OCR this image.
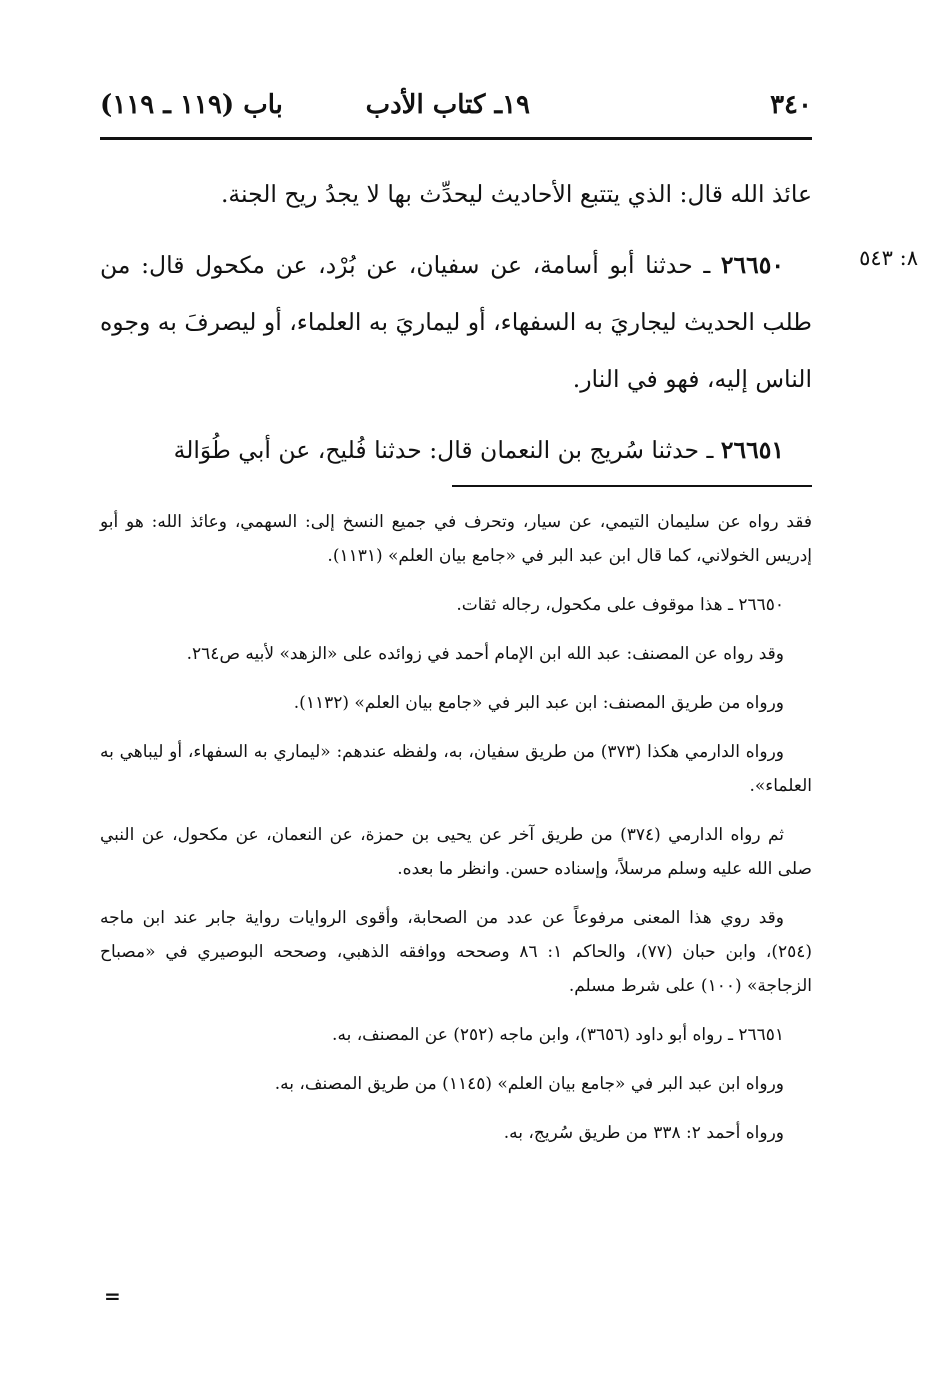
٣٤٠
١٩ـ كتاب الأدب
باب (١١٩ ـ ١١٩)
٨: ٥٤٣

عائذ الله قال: الذي يتتبع الأحاديث ليحدِّث بها لا يجدُ ريح الجنة.

٢٦٦٥٠ ـ حدثنا أبو أسامة، عن سفيان، عن بُرْد، عن مكحول قال: من طلب الحديث ليجاريَ به السفهاء، أو ليماريَ به العلماء، أو ليصرفَ به وجوه الناس إليه، فهو في النار.

٢٦٦٥١ ـ حدثنا سُريج بن النعمان قال: حدثنا فُليح، عن أبي طُوَالة

فقد رواه عن سليمان التيمي، عن سيار، وتحرف في جميع النسخ إلى: السهمي، وعائذ الله: هو أبو إدريس الخولاني، كما قال ابن عبد البر في «جامع بيان العلم» (١١٣١).

٢٦٦٥٠ ـ هذا موقوف على مكحول، رجاله ثقات.

وقد رواه عن المصنف: عبد الله ابن الإمام أحمد في زوائده على «الزهد» لأبيه ص٢٦٤.

ورواه من طريق المصنف: ابن عبد البر في «جامع بيان العلم» (١١٣٢).

ورواه الدارمي هكذا (٣٧٣) من طريق سفيان، به، ولفظه عندهم: «ليماري به السفهاء، أو ليباهي به العلماء».

ثم رواه الدارمي (٣٧٤) من طريق آخر عن يحيى بن حمزة، عن النعمان، عن مكحول، عن النبي صلى الله عليه وسلم مرسلاً، وإسناده حسن. وانظر ما بعده.

وقد روي هذا المعنى مرفوعاً عن عدد من الصحابة، وأقوى الروايات رواية جابر عند ابن ماجه (٢٥٤)، وابن حبان (٧٧)، والحاكم ١: ٨٦ وصححه ووافقه الذهبي، وصححه البوصيري في «مصباح الزجاجة» (١٠٠) على شرط مسلم.

٢٦٦٥١ ـ رواه أبو داود (٣٦٥٦)، وابن ماجه (٢٥٢) عن المصنف، به.

ورواه ابن عبد البر في «جامع بيان العلم» (١١٤٥) من طريق المصنف، به.

ورواه أحمد ٢: ٣٣٨ من طريق سُريج، به.

=
